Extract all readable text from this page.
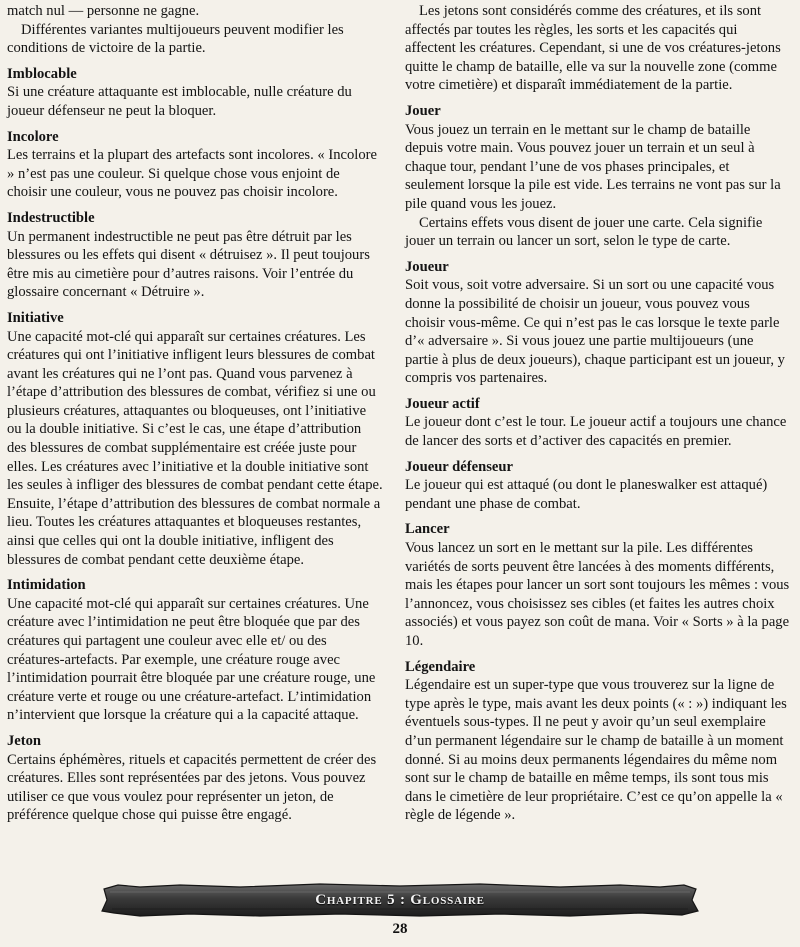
match nul — personne ne gagne.

Différentes variantes multijoueurs peuvent modifier les conditions de victoire de la partie.

Imblocable

Si une créature attaquante est imblocable, nulle créature du joueur défenseur ne peut la bloquer.

Incolore

Les terrains et la plupart des artefacts sont incolores. « Incolore » n’est pas une couleur. Si quelque chose vous enjoint de choisir une couleur, vous ne pouvez pas choisir incolore.

Indestructible

Un permanent indestructible ne peut pas être détruit par les blessures ou les effets qui disent « détruisez ». Il peut toujours être mis au cimetière pour d’autres raisons. Voir l’entrée du glossaire concernant « Détruire ».

Initiative

Une capacité mot-clé qui apparaît sur certaines créatures. Les créatures qui ont l’initiative infligent leurs blessures de combat avant les créatures qui ne l’ont pas. Quand vous parvenez à l’étape d’attribution des blessures de combat, vérifiez si une ou plusieurs créatures, attaquantes ou bloqueuses, ont l’initiative ou la double initiative. Si c’est le cas, une étape d’attribution des blessures de combat supplémentaire est créée juste pour elles. Les créatures avec l’initiative et la double initiative sont les seules à infliger des blessures de combat pendant cette étape. Ensuite, l’étape d’attribution des blessures de combat normale a lieu. Toutes les créatures attaquantes et bloqueuses restantes, ainsi que celles qui ont la double initiative, infligent des blessures de combat pendant cette deuxième étape.

Intimidation

Une capacité mot-clé qui apparaît sur certaines créatures. Une créature avec l’intimidation ne peut être bloquée que par des créatures qui partagent une couleur avec elle et/ ou des créatures-artefacts. Par exemple, une créature rouge avec l’intimidation pourrait être bloquée par une créature rouge, une créature verte et rouge ou une créature-artefact. L’intimidation n’intervient que lorsque la créature qui a la capacité attaque.

Jeton

Certains éphémères, rituels et capacités permettent de créer des créatures. Elles sont représentées par des jetons. Vous pouvez utiliser ce que vous voulez pour représenter un jeton, de préférence quelque chose qui puisse être engagé.

Les jetons sont considérés comme des créatures, et ils sont affectés par toutes les règles, les sorts et les capacités qui affectent les créatures. Cependant, si une de vos créatures-jetons quitte le champ de bataille, elle va sur la nouvelle zone (comme votre cimetière) et disparaît immédiatement de la partie.

Jouer

Vous jouez un terrain en le mettant sur le champ de bataille depuis votre main. Vous pouvez jouer un terrain et un seul à chaque tour, pendant l’une de vos phases principales, et seulement lorsque la pile est vide. Les terrains ne vont pas sur la pile quand vous les jouez.

Certains effets vous disent de jouer une carte. Cela signifie jouer un terrain ou lancer un sort, selon le type de carte.

Joueur

Soit vous, soit votre adversaire. Si un sort ou une capacité vous donne la possibilité de choisir un joueur, vous pouvez vous choisir vous-même. Ce qui n’est pas le cas lorsque le texte parle d’« adversaire ». Si vous jouez une partie multijoueurs (une partie à plus de deux joueurs), chaque participant est un joueur, y compris vos partenaires.

Joueur actif

Le joueur dont c’est le tour. Le joueur actif a toujours une chance de lancer des sorts et d’activer des capacités en premier.

Joueur défenseur

Le joueur qui est attaqué (ou dont le planeswalker est attaqué) pendant une phase de combat.

Lancer

Vous lancez un sort en le mettant sur la pile. Les différentes variétés de sorts peuvent être lancées à des moments différents, mais les étapes pour lancer un sort sont toujours les mêmes : vous l’annoncez, vous choisissez ses cibles (et faites les autres choix associés) et vous payez son coût de mana. Voir « Sorts » à la page 10.

Légendaire

Légendaire est un super-type que vous trouverez sur la ligne de type après le type, mais avant les deux points (« : ») indiquant les éventuels sous-types. Il ne peut y avoir qu’un seul exemplaire d’un permanent légendaire sur le champ de bataille à un moment donné. Si au moins deux permanents légendaires du même nom sont sur le champ de bataille en même temps, ils sont tous mis dans le cimetière de leur propriétaire. C’est ce qu’on appelle la « règle de légende ».

Chapitre 5 : Glossaire
28
